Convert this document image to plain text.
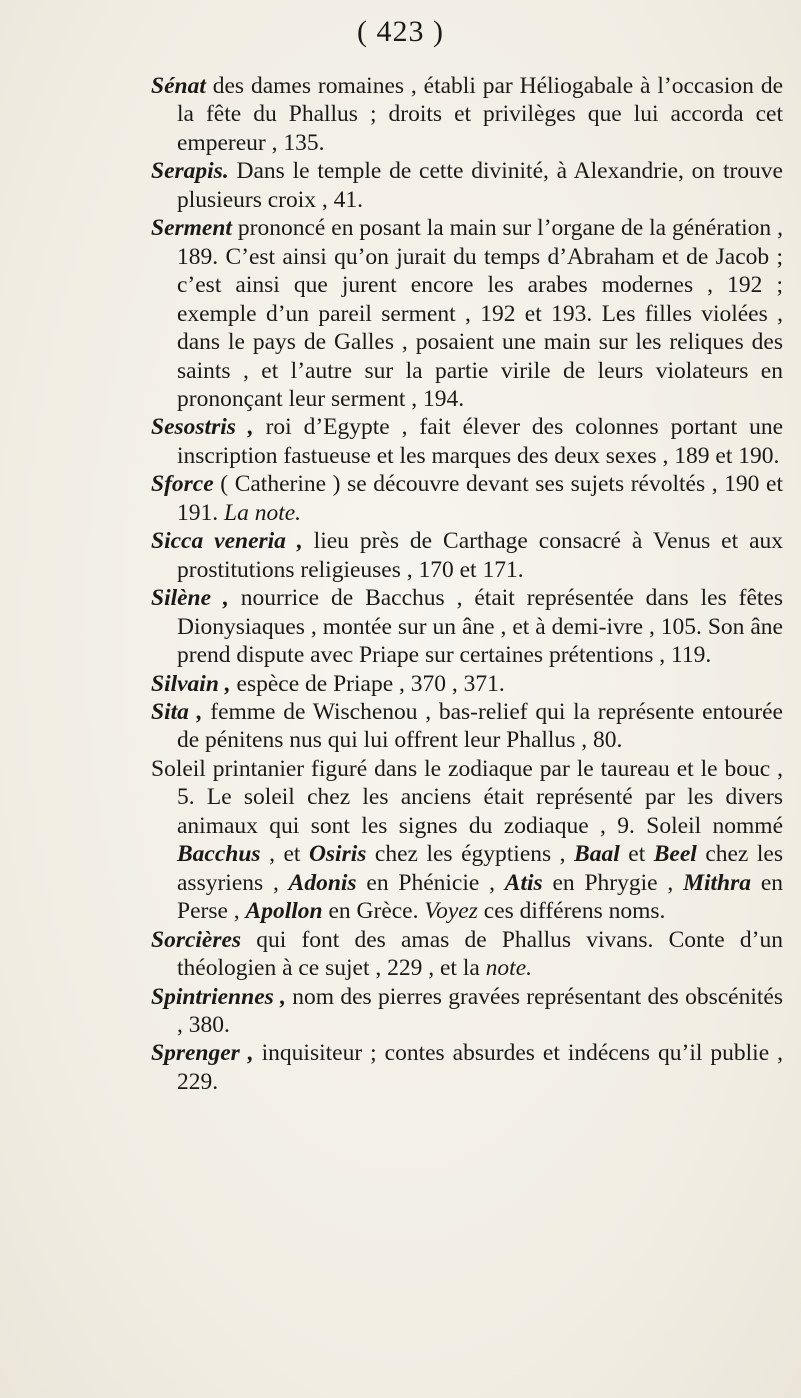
( 423 )

Sénat des dames romaines , établi par Héliogabale à l’occasion de la fête du Phallus ; droits et privilèges que lui accorda cet empereur , 135.

Serapis. Dans le temple de cette divinité, à Alexandrie, on trouve plusieurs croix , 41.

Serment prononcé en posant la main sur l’organe de la génération , 189. C’est ainsi qu’on jurait du temps d’Abraham et de Jacob ; c’est ainsi que jurent encore les arabes modernes , 192 ; exemple d’un pareil serment , 192 et 193. Les filles violées , dans le pays de Galles , posaient une main sur les reliques des saints , et l’autre sur la partie virile de leurs violateurs en prononçant leur serment , 194.

Sesostris , roi d’Egypte , fait élever des colonnes portant une inscription fastueuse et les marques des deux sexes , 189 et 190.

Sforce ( Catherine ) se découvre devant ses sujets révoltés , 190 et 191. La note.

Sicca veneria , lieu près de Carthage consacré à Venus et aux prostitutions religieuses , 170 et 171.

Silène , nourrice de Bacchus , était représentée dans les fêtes Dionysiaques , montée sur un âne , et à demi-ivre , 105. Son âne prend dispute avec Priape sur certaines prétentions , 119.

Silvain , espèce de Priape , 370 , 371.

Sita , femme de Wischenou , bas-relief qui la représente entourée de pénitens nus qui lui offrent leur Phallus , 80.

Soleil printanier figuré dans le zodiaque par le taureau et le bouc , 5. Le soleil chez les anciens était représenté par les divers animaux qui sont les signes du zodiaque , 9. Soleil nommé Bacchus , et Osiris chez les égyptiens , Baal et Beel chez les assyriens , Adonis en Phénicie , Atis en Phrygie , Mithra en Perse , Apollon en Grèce. Voyez ces différens noms.

Sorcières qui font des amas de Phallus vivans. Conte d’un théologien à ce sujet , 229 , et la note.

Spintriennes , nom des pierres gravées représentant des obscénités , 380.

Sprenger , inquisiteur ; contes absurdes et indécens qu’il publie , 229.
